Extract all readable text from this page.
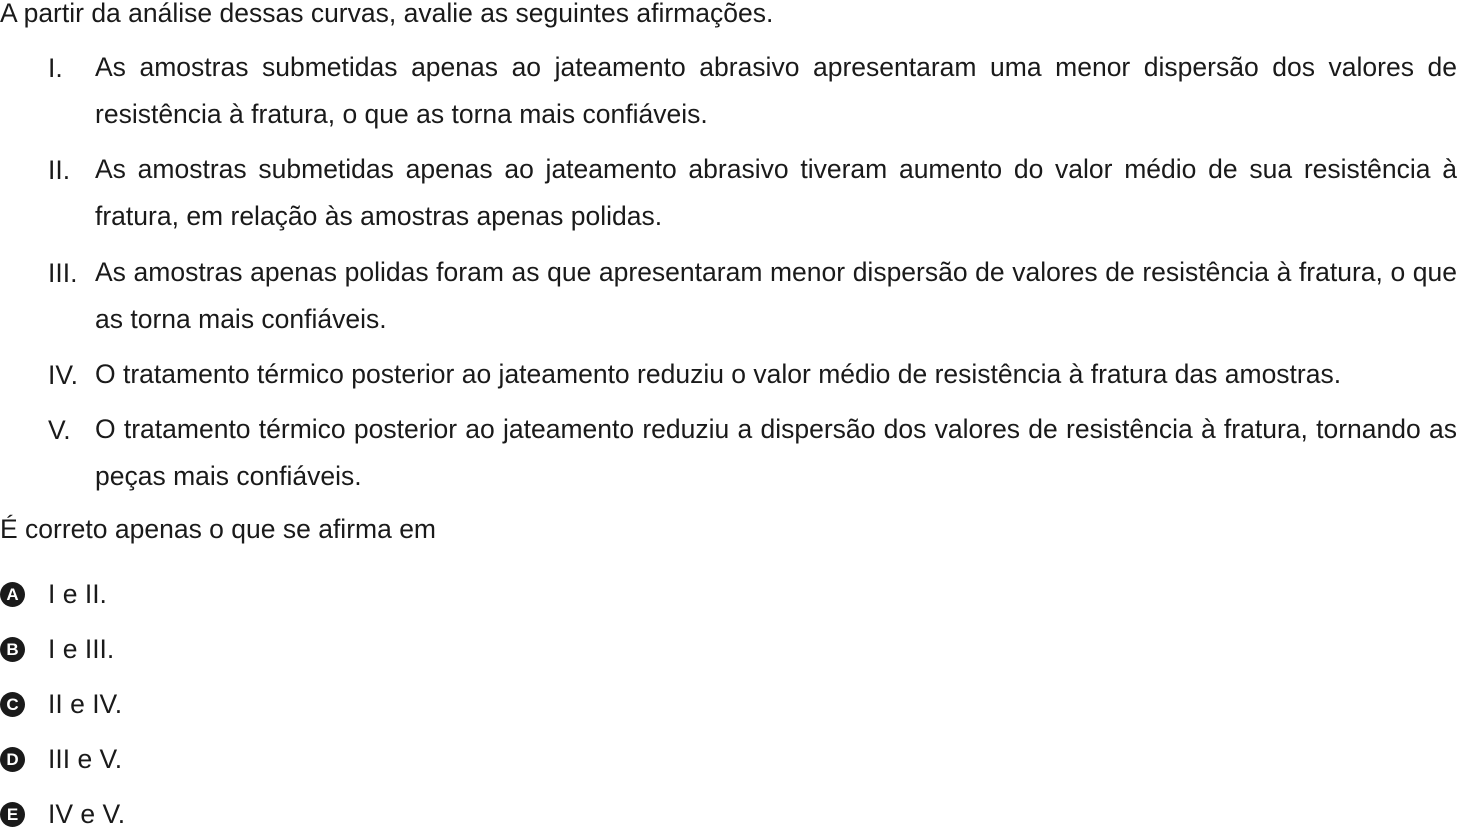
A partir da análise dessas curvas, avalie as seguintes afirmações.
I. As amostras submetidas apenas ao jateamento abrasivo apresentaram uma menor dispersão dos valores de resistência à fratura, o que as torna mais confiáveis.
II. As amostras submetidas apenas ao jateamento abrasivo tiveram aumento do valor médio de sua resistência à fratura, em relação às amostras apenas polidas.
III. As amostras apenas polidas foram as que apresentaram menor dispersão de valores de resistência à fratura, o que as torna mais confiáveis.
IV. O tratamento térmico posterior ao jateamento reduziu o valor médio de resistência à fratura das amostras.
V. O tratamento térmico posterior ao jateamento reduziu a dispersão dos valores de resistência à fratura, tornando as peças mais confiáveis.
É correto apenas o que se afirma em
A I e II.
B I e III.
C II e IV.
D III e V.
E IV e V.
